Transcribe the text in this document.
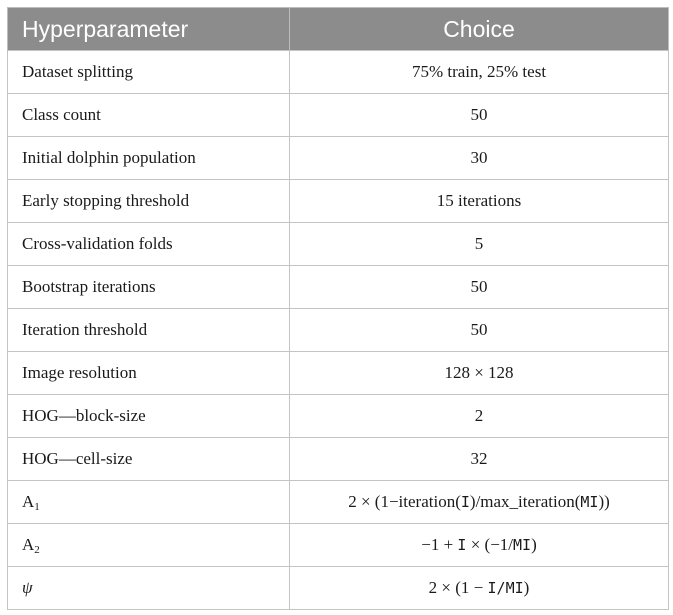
Hyperparameter	Choice
Dataset splitting	75% train, 25% test
Class count	50
Initial dolphin population	30
Early stopping threshold	15 iterations
Cross-validation folds	5
Bootstrap iterations	50
Iteration threshold	50
Image resolution	128 × 128
HOG—block-size	2
HOG—cell-size	32
$A_1$	2 × (1−iteration(I)/max_iteration(MI))
$A_2$	−1 + I × (−1/MI)
ψ	2 × (1 − I/MI)
